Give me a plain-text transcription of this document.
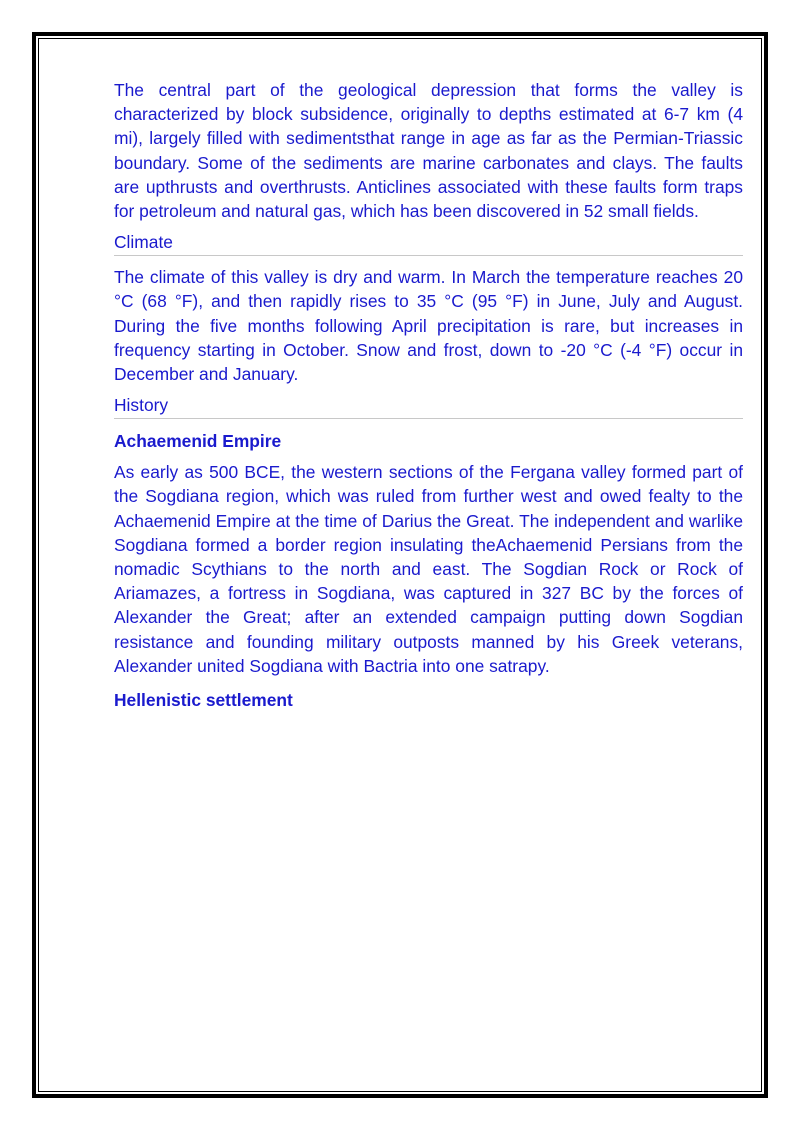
The central part of the geological depression that forms the valley is characterized by block subsidence, originally to depths estimated at 6-7 km (4 mi), largely filled with sedimentsthat range in age as far as the Permian-Triassic boundary. Some of the sediments are marine carbonates and clays. The faults are upthrusts and overthrusts. Anticlines associated with these faults form traps for petroleum and natural gas, which has been discovered in 52 small fields.

Climate

The climate of this valley is dry and warm. In March the temperature reaches 20 °C (68 °F), and then rapidly rises to 35 °C (95 °F) in June, July and August. During the five months following April precipitation is rare, but increases in frequency starting in October. Snow and frost, down to -20 °C (-4 °F) occur in December and January.

History
Achaemenid Empire

As early as 500 BCE, the western sections of the Fergana valley formed part of the Sogdiana region, which was ruled from further west and owed fealty to the Achaemenid Empire at the time of Darius the Great. The independent and warlike Sogdiana formed a border region insulating theAchaemenid Persians from the nomadic Scythians to the north and east. The Sogdian Rock or Rock of Ariamazes, a fortress in Sogdiana, was captured in 327 BC by the forces of Alexander the Great; after an extended campaign putting down Sogdian resistance and founding military outposts manned by his Greek veterans, Alexander united Sogdiana with Bactria into one satrapy.

Hellenistic settlement
